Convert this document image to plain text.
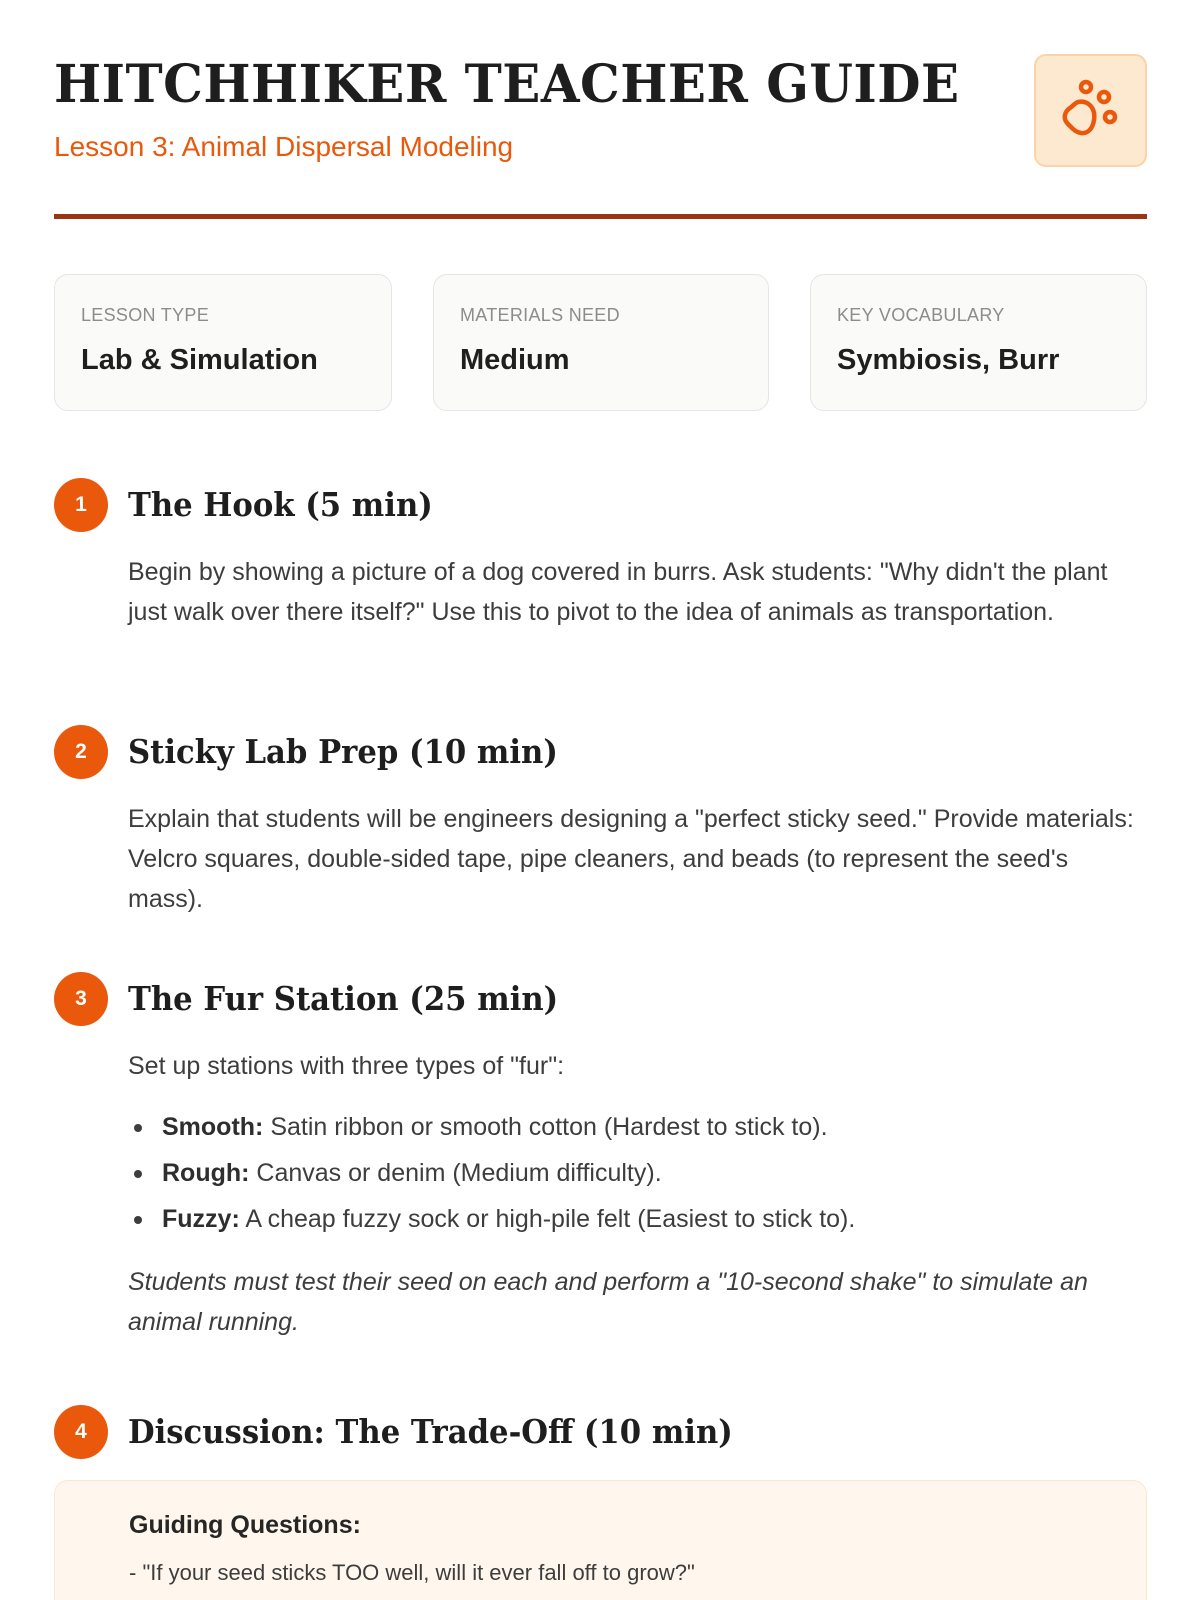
HITCHHIKER TEACHER GUIDE
Lesson 3: Animal Dispersal Modeling
LESSON TYPE
Lab & Simulation
MATERIALS NEED
Medium
KEY VOCABULARY
Symbiosis, Burr
1	The Hook (5 min)

Begin by showing a picture of a dog covered in burrs. Ask students: "Why didn't the plant just walk over there itself?" Use this to pivot to the idea of animals as transportation.

2	Sticky Lab Prep (10 min)

Explain that students will be engineers designing a "perfect sticky seed." Provide materials: Velcro squares, double-sided tape, pipe cleaners, and beads (to represent the seed's mass).

3	The Fur Station (25 min)

Set up stations with three types of "fur":

Smooth: Satin ribbon or smooth cotton (Hardest to stick to).
Rough: Canvas or denim (Medium difficulty).
Fuzzy: A cheap fuzzy sock or high-pile felt (Easiest to stick to).

Students must test their seed on each and perform a "10-second shake" to simulate an animal running.

4	Discussion: The Trade-Off (10 min)
Guiding Questions:
- "If your seed sticks TOO well, will it ever fall off to grow?"
